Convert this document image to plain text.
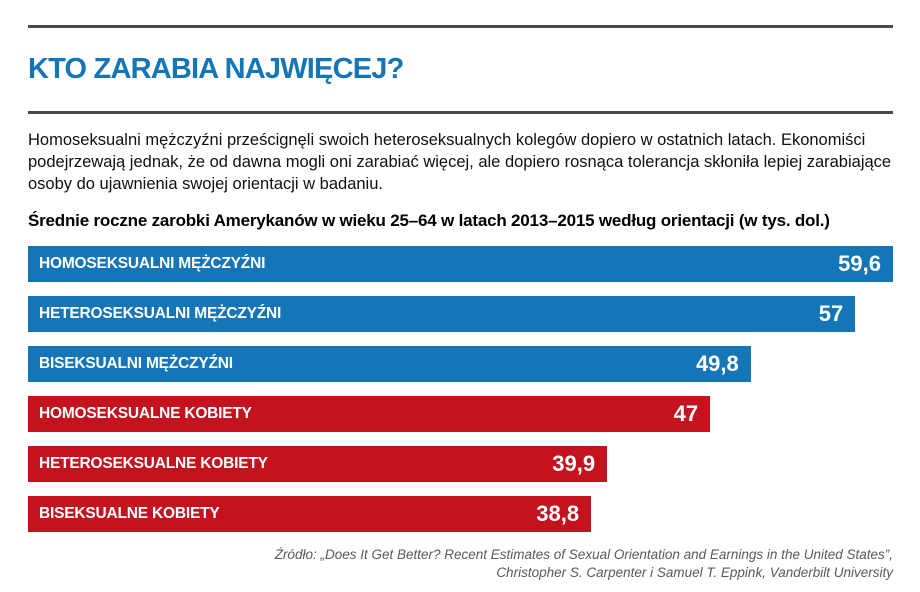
KTO ZARABIA NAJWIĘCEJ?

Homoseksualni mężczyźni prześcignęli swoich heteroseksualnych kolegów dopiero w ostatnich latach. Ekonomiści podejrzewają jednak, że od dawna mogli oni zarabiać więcej, ale dopiero rosnąca tolerancja skłoniła lepiej zarabiające osoby do ujawnienia swojej orientacji w badaniu.

Średnie roczne zarobki Amerykanów w wieku 25–64 w latach 2013–2015 według orientacji (w tys. dol.)
HOMOSEKSUALNI MĘŻCZYŹNI	59,6
HETEROSEKSUALNI MĘŻCZYŹNI	57
BISEKSUALNI MĘŻCZYŹNI	49,8
HOMOSEKSUALNE KOBIETY	47
HETEROSEKSUALNE KOBIETY	39,9
BISEKSUALNE KOBIETY	38,8
Źródło: „Does It Get Better? Recent Estimates of Sexual Orientation and Earnings in the United States”,
Christopher S. Carpenter i Samuel T. Eppink, Vanderbilt University
